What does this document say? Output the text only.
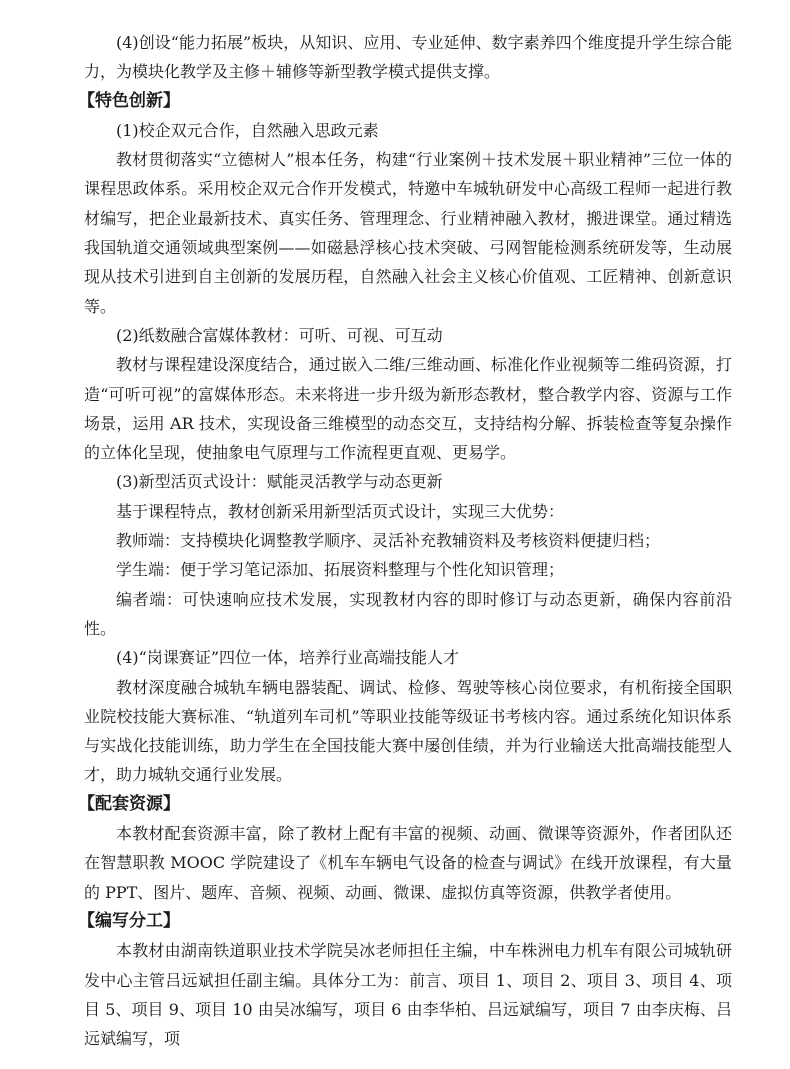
(4)创设“能力拓展”板块，从知识、应用、专业延伸、数字素养四个维度提升学生综合能力，为模块化教学及主修＋辅修等新型教学模式提供支撑。

【特色创新】

(1)校企双元合作，自然融入思政元素

教材贯彻落实“立德树人”根本任务，构建“行业案例＋技术发展＋职业精神”三位一体的课程思政体系。采用校企双元合作开发模式，特邀中车城轨研发中心高级工程师一起进行教材编写，把企业最新技术、真实任务、管理理念、行业精神融入教材，搬进课堂。通过精选我国轨道交通领域典型案例——如磁悬浮核心技术突破、弓网智能检测系统研发等，生动展现从技术引进到自主创新的发展历程，自然融入社会主义核心价值观、工匠精神、创新意识等。

(2)纸数融合富媒体教材：可听、可视、可互动

教材与课程建设深度结合，通过嵌入二维/三维动画、标准化作业视频等二维码资源，打造“可听可视”的富媒体形态。未来将进一步升级为新形态教材，整合教学内容、资源与工作场景，运用 AR 技术，实现设备三维模型的动态交互，支持结构分解、拆装检查等复杂操作的立体化呈现，使抽象电气原理与工作流程更直观、更易学。

(3)新型活页式设计：赋能灵活教学与动态更新

基于课程特点，教材创新采用新型活页式设计，实现三大优势：

教师端：支持模块化调整教学顺序、灵活补充教辅资料及考核资料便捷归档；

学生端：便于学习笔记添加、拓展资料整理与个性化知识管理；

编者端：可快速响应技术发展，实现教材内容的即时修订与动态更新，确保内容前沿性。

(4)“岗课赛证”四位一体，培养行业高端技能人才

教材深度融合城轨车辆电器装配、调试、检修、驾驶等核心岗位要求，有机衔接全国职业院校技能大赛标准、“轨道列车司机”等职业技能等级证书考核内容。通过系统化知识体系与实战化技能训练，助力学生在全国技能大赛中屡创佳绩，并为行业输送大批高端技能型人才，助力城轨交通行业发展。

【配套资源】

本教材配套资源丰富，除了教材上配有丰富的视频、动画、微课等资源外，作者团队还在智慧职教 MOOC 学院建设了《机车车辆电气设备的检查与调试》在线开放课程，有大量的 PPT、图片、题库、音频、视频、动画、微课、虚拟仿真等资源，供教学者使用。

【编写分工】

本教材由湖南铁道职业技术学院吴冰老师担任主编，中车株洲电力机车有限公司城轨研发中心主管吕远斌担任副主编。具体分工为：前言、项目 1、项目 2、项目 3、项目 4、项目 5、项目 9、项目 10 由吴冰编写，项目 6 由李华柏、吕远斌编写，项目 7 由李庆梅、吕远斌编写，项
